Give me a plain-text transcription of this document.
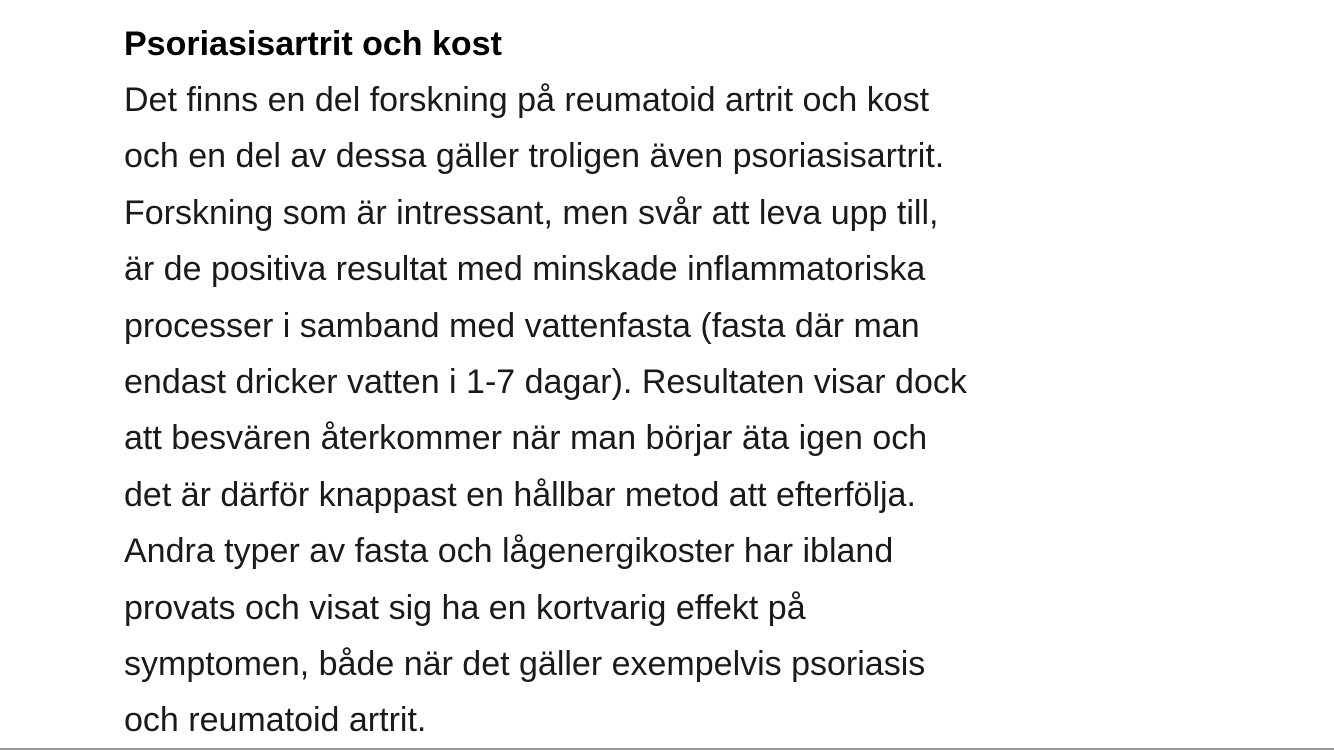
Psoriasisartrit och kost

Det finns en del forskning på reumatoid artrit och kost
och en del av dessa gäller troligen även psoriasisartrit.
Forskning som är intressant, men svår att leva upp till,
är de positiva resultat med minskade inflammatoriska
processer i samband med vattenfasta (fasta där man
endast dricker vatten i 1-7 dagar). Resultaten visar dock
att besvären återkommer när man börjar äta igen och
det är därför knappast en hållbar metod att efterfölja.
Andra typer av fasta och lågenergikoster har ibland
provats och visat sig ha en kortvarig effekt på
symptomen, både när det gäller exempelvis psoriasis
och reumatoid artrit.
